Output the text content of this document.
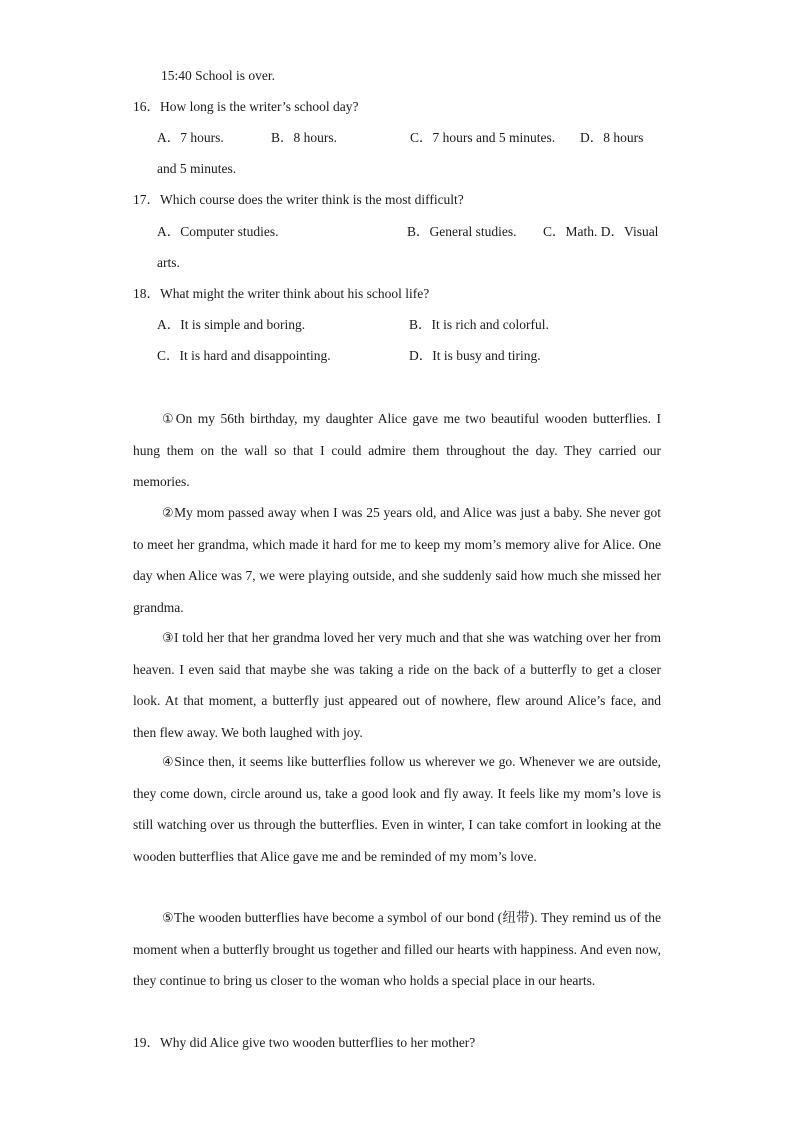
15:40 School is over.
16．How long is the writer’s school day?
A．7 hours.	B．8 hours.	C．7 hours and 5 minutes. D．8 hours
and 5 minutes.
17．Which course does the writer think is the most difficult?
A．Computer studies.	B．General studies. C．Math. D．Visual
arts.
18．What might the writer think about his school life?
A．It is simple and boring.	B．It is rich and colorful.
C．It is hard and disappointing.	D．It is busy and tiring.

①On my 56th birthday, my daughter Alice gave me two beautiful wooden butterflies. I hung them on the wall so that I could admire them throughout the day. They carried our memories.

②My mom passed away when I was 25 years old, and Alice was just a baby. She never got to meet her grandma, which made it hard for me to keep my mom’s memory alive for Alice. One day when Alice was 7, we were playing outside, and she suddenly said how much she missed her grandma.

③I told her that her grandma loved her very much and that she was watching over her from heaven. I even said that maybe she was taking a ride on the back of a butterfly to get a closer look. At that moment, a butterfly just appeared out of nowhere, flew around Alice’s face, and then flew away. We both laughed with joy.

④Since then, it seems like butterflies follow us wherever we go. Whenever we are outside, they come down, circle around us, take a good look and fly away. It feels like my mom’s love is still watching over us through the butterflies. Even in winter, I can take comfort in looking at the wooden butterflies that Alice gave me and be reminded of my mom’s love.

⑤The wooden butterflies have become a symbol of our bond (纽带). They remind us of the moment when a butterfly brought us together and filled our hearts with happiness. And even now, they continue to bring us closer to the woman who holds a special place in our hearts.

19．Why did Alice give two wooden butterflies to her mother?
